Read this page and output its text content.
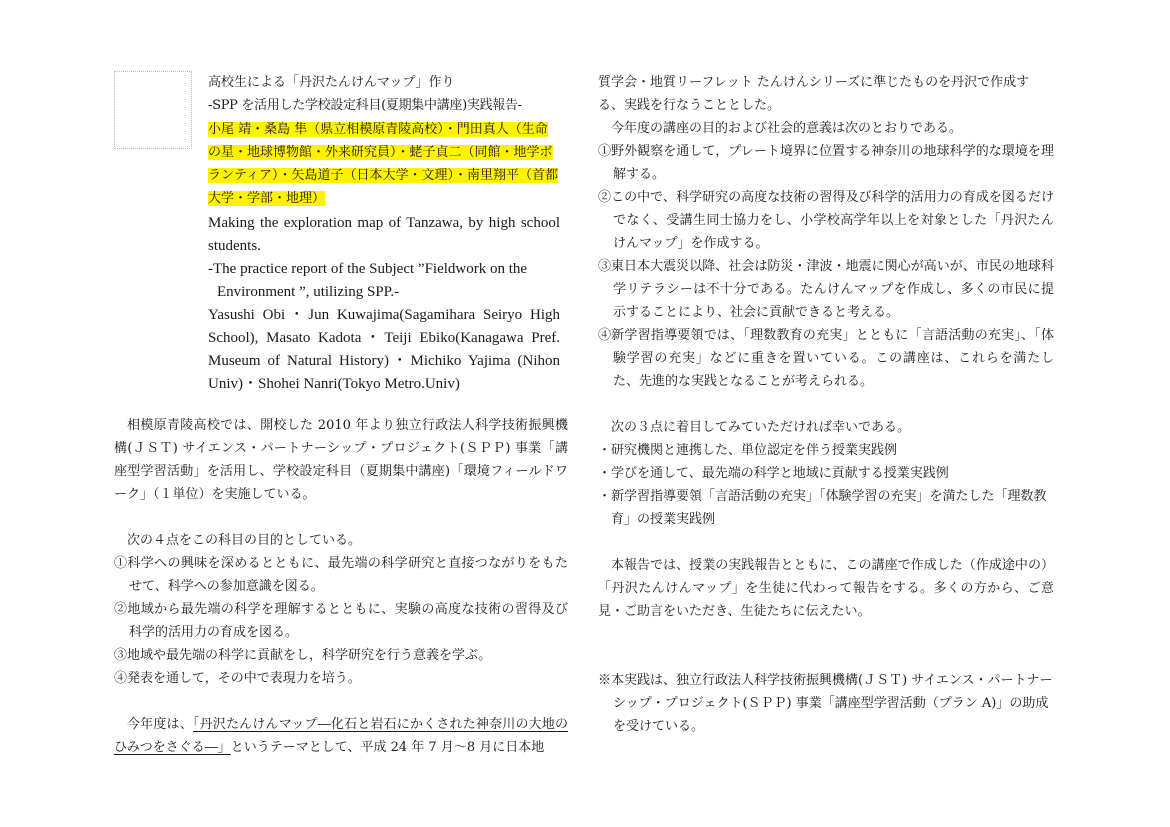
高校生による「丹沢たんけんマップ」作り
-SPP を活用した学校設定科目(夏期集中講座)実践報告-
小尾 靖・桑島 隼（県立相模原青陵高校）・門田真人（生命の星・地球博物館・外来研究員）・蛯子貞二（同館・地学ボランティア）・矢島道子（日本大学・文理）・南里翔平（首都大学・学部・地理）
Making the exploration map of Tanzawa, by high school students.
-The practice report of the Subject ”Fieldwork on the
Environment ”, utilizing SPP.-
Yasushi Obi・Jun Kuwajima(Sagamihara Seiryo High School), Masato Kadota・Teiji Ebiko(Kanagawa Pref. Museum of Natural History)・Michiko Yajima (Nihon Univ)・Shohei Nanri(Tokyo Metro.Univ)

相模原青陵高校では、開校した 2010 年より独立行政法人科学技術振興機構(ＪＳＴ) サイエンス・パートナーシップ・プロジェクト(ＳＰＰ) 事業「講座型学習活動」を活用し、学校設定科目（夏期集中講座)「環境フィールドワーク」（１単位）を実施している。

次の４点をこの科目の目的としている。

①科学への興味を深めるとともに、最先端の科学研究と直接つながりをもたせて、科学への参加意識を図る。

②地域から最先端の科学を理解するとともに、実験の高度な技術の習得及び科学的活用力の育成を図る。

③地域や最先端の科学に貢献をし，科学研究を行う意義を学ぶ。

④発表を通して，その中で表現力を培う。

今年度は、「丹沢たんけんマップ―化石と岩石にかくされた神奈川の大地のひみつをさぐる―」というテーマとして、平成 24 年 7 月〜8 月に日本地

質学会・地質リーフレット たんけんシリーズに準じたものを丹沢で作成する、実践を行なうこととした。

今年度の講座の目的および社会的意義は次のとおりである。

①野外観察を通して，プレート境界に位置する神奈川の地球科学的な環境を理解する。

②この中で、科学研究の高度な技術の習得及び科学的活用力の育成を図るだけでなく、受講生同士協力をし、小学校高学年以上を対象とした「丹沢たんけんマップ」を作成する。

③東日本大震災以降、社会は防災・津波・地震に関心が高いが、市民の地球科学リテラシーは不十分である。たんけんマップを作成し、多くの市民に提示することにより、社会に貢献できると考える。

④新学習指導要領では、｢理数教育の充実」とともに「言語活動の充実」、｢体験学習の充実」などに重きを置いている。この講座は、これらを満たした、先進的な実践となることが考えられる。

次の３点に着目してみていただければ幸いである。

・研究機関と連携した、単位認定を伴う授業実践例

・学びを通して、最先端の科学と地域に貢献する授業実践例

・新学習指導要領「言語活動の充実｣「体験学習の充実」を満たした「理数教育」の授業実践例

本報告では、授業の実践報告とともに、この講座で作成した（作成途中の）「丹沢たんけんマップ」を生徒に代わって報告をする。多くの方から、ご意見・ご助言をいただき、生徒たちに伝えたい。

※本実践は、独立行政法人科学技術振興機構(ＪＳＴ) サイエンス・パートナーシップ・プロジェクト(ＳＰＰ) 事業「講座型学習活動（プラン A)」の助成を受けている。
